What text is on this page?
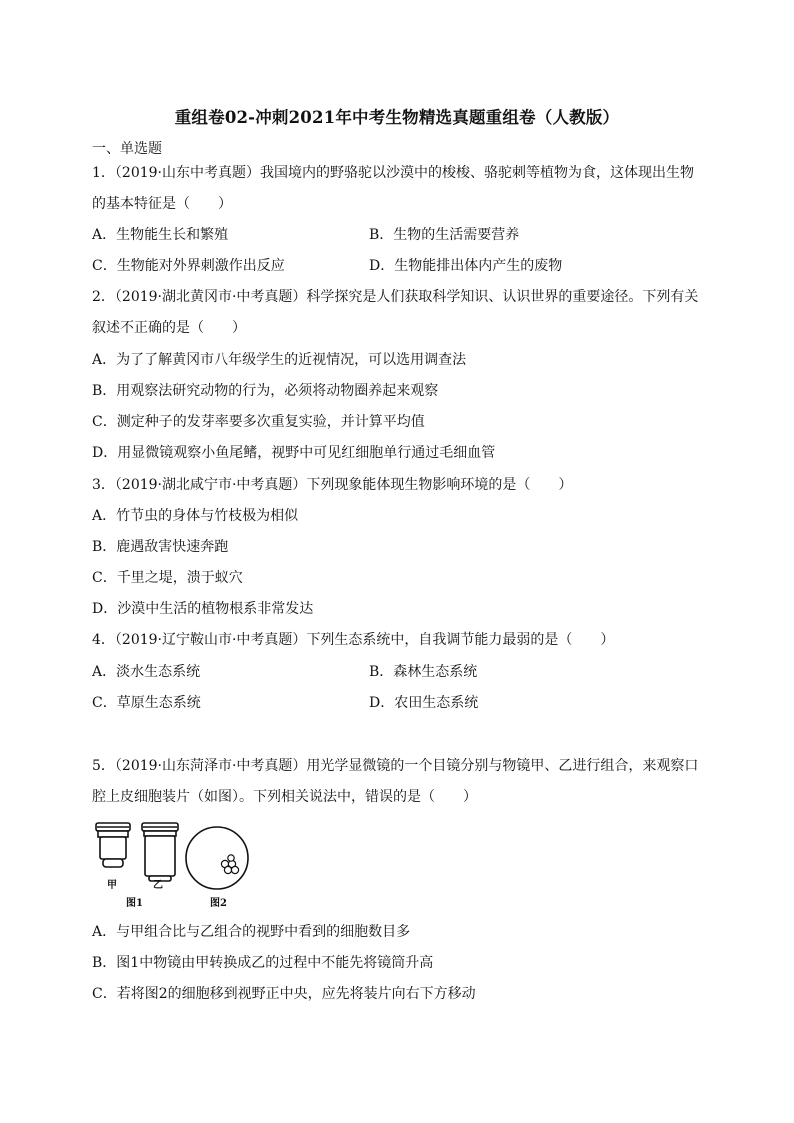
重组卷02-冲刺2021年中考生物精选真题重组卷（人教版）
一、单选题
1．（2019·山东中考真题）我国境内的野骆驼以沙漠中的梭梭、骆驼刺等植物为食，这体现出生物
的基本特征是（　　）
A．生物能生长和繁殖	B．生物的生活需要营养
C．生物能对外界刺激作出反应	D．生物能排出体内产生的废物
2．（2019·湖北黄冈市·中考真题）科学探究是人们获取科学知识、认识世界的重要途径。下列有关
叙述不正确的是（　　）
A．为了了解黄冈市八年级学生的近视情况，可以选用调查法
B．用观察法研究动物的行为，必须将动物圈养起来观察
C．测定种子的发芽率要多次重复实验，并计算平均值
D．用显微镜观察小鱼尾鳍，视野中可见红细胞单行通过毛细血管
3．（2019·湖北咸宁市·中考真题）下列现象能体现生物影响环境的是（　　）
A．竹节虫的身体与竹枝极为相似
B．鹿遇敌害快速奔跑
C．千里之堤，溃于蚁穴
D．沙漠中生活的植物根系非常发达
4．（2019·辽宁鞍山市·中考真题）下列生态系统中，自我调节能力最弱的是（　　）
A．淡水生态系统	B．森林生态系统
C．草原生态系统	D．农田生态系统
5．（2019·山东菏泽市·中考真题）用光学显微镜的一个目镜分别与物镜甲、乙进行组合，来观察口
腔上皮细胞装片（如图）。下列相关说法中，错误的是（　　）
甲	乙
图1	图2
A．与甲组合比与乙组合的视野中看到的细胞数目多
B．图1中物镜由甲转换成乙的过程中不能先将镜筒升高
C．若将图2的细胞移到视野正中央，应先将装片向右下方移动
